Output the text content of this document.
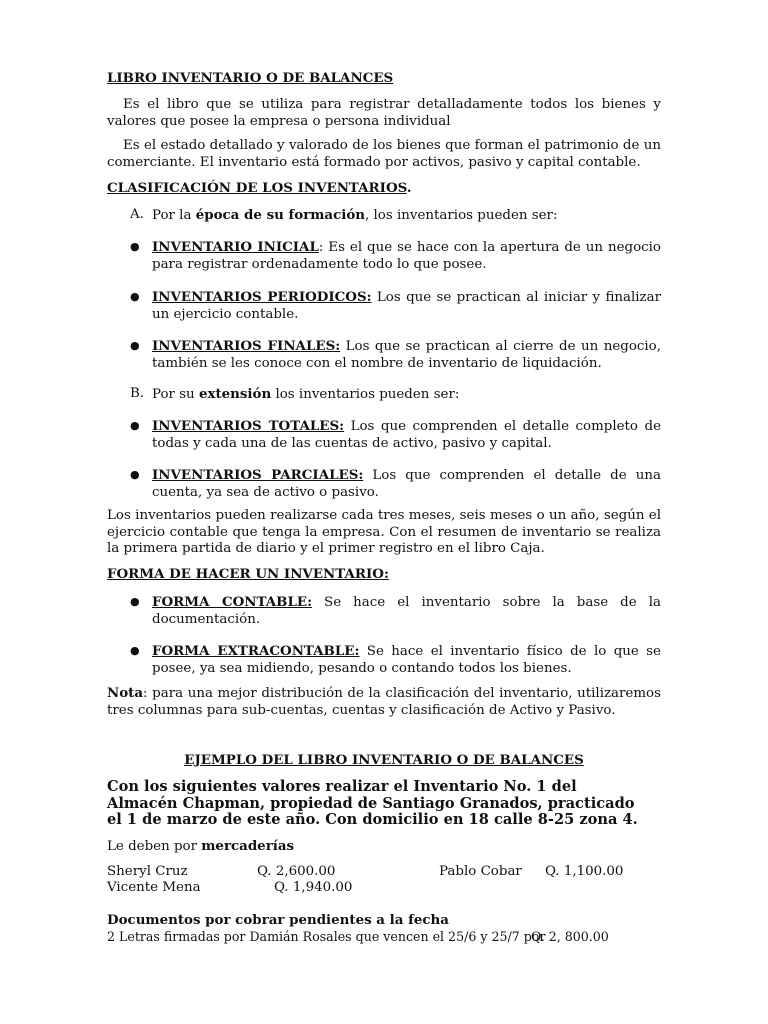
LIBRO INVENTARIO O DE BALANCES

Es el libro que se utiliza para registrar detalladamente todos los bienes y valores que posee la empresa o persona individual

Es el estado detallado y valorado de los bienes que forman el patrimonio de un comerciante. El inventario está formado por activos, pasivo y capital contable.

CLASIFICACIÓN DE LOS INVENTARIOS.

A. Por la época de su formación, los inventarios pueden ser:

● INVENTARIO INICIAL: Es el que se hace con la apertura de un negocio para registrar ordenadamente todo lo que posee.

● INVENTARIOS PERIODICOS: Los que se practican al iniciar y finalizar un ejercicio contable.

● INVENTARIOS FINALES: Los que se practican al cierre de un negocio, también se les conoce con el nombre de inventario de liquidación.

B. Por su extensión los inventarios pueden ser:

● INVENTARIOS TOTALES: Los que comprenden el detalle completo de todas y cada una de las cuentas de activo, pasivo y capital.

● INVENTARIOS PARCIALES: Los que comprenden el detalle de una cuenta, ya sea de activo o pasivo.

Los inventarios pueden realizarse cada tres meses, seis meses o un año, según el ejercicio contable que tenga la empresa. Con el resumen de inventario se realiza la primera partida de diario y el primer registro en el libro Caja.

FORMA DE HACER UN INVENTARIO:

● FORMA CONTABLE: Se hace el inventario sobre la base de la documentación.

● FORMA EXTRACONTABLE: Se hace el inventario físico de lo que se posee, ya sea midiendo, pesando o contando todos los bienes.

Nota: para una mejor distribución de la clasificación del inventario, utilizaremos tres columnas para sub-cuentas, cuentas y clasificación de Activo y Pasivo.

EJEMPLO DEL LIBRO INVENTARIO O DE BALANCES

Con los siguientes valores realizar el Inventario No. 1 del Almacén Chapman, propiedad de Santiago Granados, practicado el 1 de marzo de este año. Con domicilio en 18 calle 8-25 zona 4.

Le deben por mercaderías

Sheryl Cruz	Q. 2,600.00	Pablo Cobar Q. 1,100.00
Vicente Mena	Q. 1,940.00

Documentos por cobrar pendientes a la fecha

2 Letras firmadas por Damián Rosales que vencen el 25/6 y 25/7 por
Q. 2, 800.00
